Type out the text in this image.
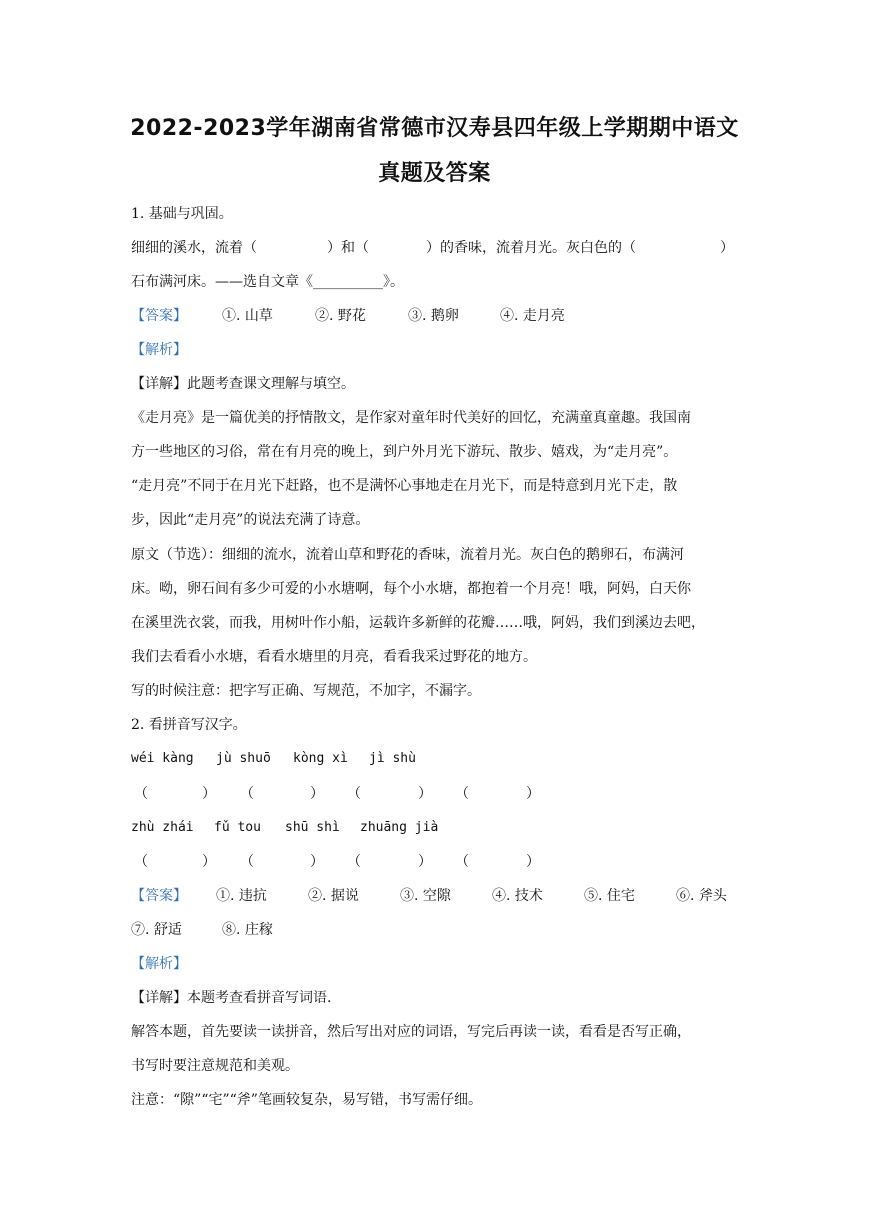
2022-2023学年湖南省常德市汉寿县四年级上学期期中语文
真题及答案
1. 基础与巩固。
细细的溪水，流着（	）和（	）的香味，流着月光。灰白色的（	）
石布满河床。——选自文章《__________》。
【答案】	①. 山草	②. 野花	③. 鹅卵	④. 走月亮
【解析】
【详解】此题考查课文理解与填空。
《走月亮》是一篇优美的抒情散文，是作家对童年时代美好的回忆，充满童真童趣。我国南
方一些地区的习俗，常在有月亮的晚上，到户外月光下游玩、散步、嬉戏，为“走月亮”。
“走月亮”不同于在月光下赶路，也不是满怀心事地走在月光下，而是特意到月光下走，散
步，因此“走月亮”的说法充满了诗意。
原文（节选）：细细的流水，流着山草和野花的香味，流着月光。灰白色的鹅卵石，布满河
床。呦，卵石间有多少可爱的小水塘啊，每个小水塘，都抱着一个月亮！哦，阿妈，白天你
在溪里洗衣裳，而我，用树叶作小船，运载许多新鲜的花瓣……哦，阿妈，我们到溪边去吧，
我们去看看小水塘，看看水塘里的月亮，看看我采过野花的地方。
写的时候注意：把字写正确、写规范，不加字，不漏字。
2. 看拼音写汉字。
wéi kàng jù shuō kòng xì jì shù
（	） （	） （	） （	）
zhù zhái fǔ tou shū shì zhuāng jià
（	） （	） （	） （	）
【答案】 ①. 违抗	②. 据说	③. 空隙	④. 技术	⑤. 住宅	⑥. 斧头
⑦. 舒适	⑧. 庄稼
【解析】
【详解】本题考查看拼音写词语.
解答本题，首先要读一读拼音，然后写出对应的词语，写完后再读一读，看看是否写正确，
书写时要注意规范和美观。
注意：“隙”“宅”“斧”笔画较复杂，易写错，书写需仔细。
